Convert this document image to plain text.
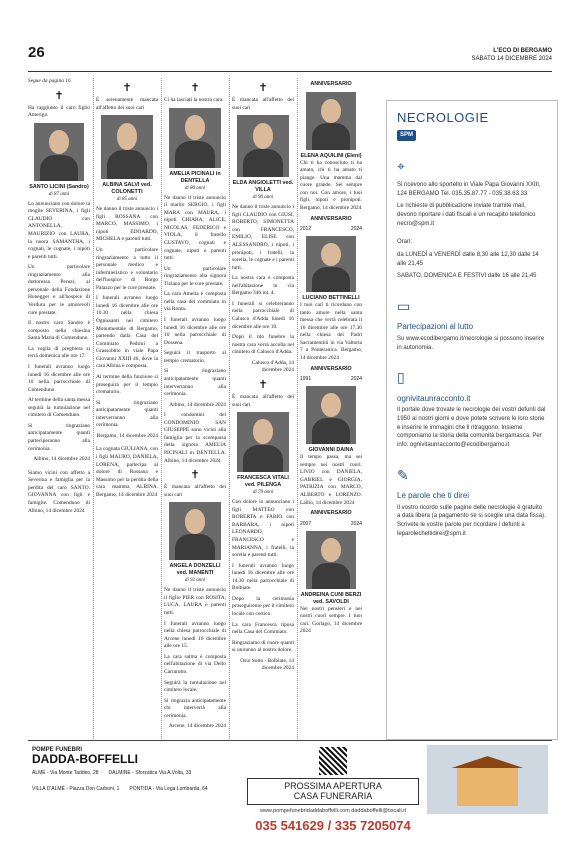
26	L'ECO DI BERGAMO
SABATO 14 DICEMBRE 2024

Segue da pagina 16

✝

Ha raggiunto il caro figlio Amerigo.

SANTO LICINI (Sandro)
di 87 anni

Lo annunciano con dolore la moglie SEVERINA, i figli CLAUDIO con ANTONELLA, MAURIZIO con LAURA, la nuora SAMANTHA, i cognati, le cognate, i nipoti e parenti tutti.

Un particolare ringraziamento alla dottoressa Peruzi, al personale della Fondazione Honegger e all'hospice di Verdura per le amorevoli cure prestate.

Il nostro caro Sandro è composto nella chiesina Santa Maria di Comenduno.

La veglia di preghiera si terrà domenica alle ore 17.

I funerali avranno luogo lunedì 16 dicembre alle ore 10 nella parrocchiale di Comenduno.

Al termine della santa messa seguirà la tumulazione nel cimitero di Comenduno.

Si ringraziano anticipatamente quanti parteciperanno alla cerimonia.

Albino, 14 dicembre 2024

Siamo vicini con affetto a Severina e famiglia per la perdita del caro SANTO. GIOVANNA con figli e famiglie. Comenduno di Albino, 14 dicembre 2024

✝

È serenamente mancata all'affetto dei suoi cari

ALBINA SALVI ved. COLONETTI
di 85 anni

Ne danno il triste annuncio i figli ROSSANA con MARCO, MASSIMO, i nipoti EDOARDO, MICHELA e parenti tutti.

Un particolare ringraziamento a tutto il personale medico e infermieristico e volontario dell'hospice di Borgo Palazzo per le cure prestate.

I funerali avranno luogo lunedì 16 dicembre alle ore 10.30 nella chiesa Ognissanti nel cimitero Monumentale di Bergamo, partendo dalla Casa del Commiato Pedrini a Grassobbio in viale Papa Giovanni XXIII 46, dove la cara Albina è composta.

Al termine della funzione si proseguirà per il tempio crematorio.

Si ringraziano anticipatamente quanti interverranno alla cerimonia.

Bergamo, 14 dicembre 2024

La cognata GIULIANA, con i figli MAURO, DANIELA, LORENA, partecipa al dolore di Rossana e Massimo per la perdita della cara mamma ALBINA. Bergamo, 14 dicembre 2024

✝

Ci ha lasciati la nostra cara

AMELIA PICINALI in DENTELLA
di 80 anni

Ne danno il triste annuncio il marito SERGIO, i figli MARA con MAURA, i nipoti CHIARA, ALICE, NICOLAS, FEDERICO e VIOLA, il fratello GUSTAVO, cognati e cognate, nipoti e parenti tutti.

Un particolare ringraziamento alla signora Tiziana per le cure prestate.

La cara Amelia è composta nella casa del commiato in via Roma.

I funerali avranno luogo lunedì 16 dicembre alle ore 10 nella parrocchiale di Dossena.

Seguirà il trasporto al tempio crematorio.

Si ringraziano anticipatamente quanti interverranno alla cerimonia.

Albino, 14 dicembre 2024

I condomini del CONDOMINIO SAN GIUSEPPE sono vicini alla famiglia per la scomparsa della signora AMELIA PICINALI in DENTELLA. Albino, 14 dicembre 2024

✝

È mancata all'affetto dei suoi cari

ANGELA DONZELLI ved. MANENTI
di 92 anni

Ne danno il triste annuncio il figlio PIER con ROSITA, LUCA, LAURA e parenti tutti.

I funerali avranno luogo nella chiesa parrocchiale di Arcene lunedì 16 dicembre alle ore 15.

La cara salma è composta nell'abitazione di via Dello Carrarotto.

Seguirà la tumulazione nel cimitero locale.

Si ringrazia anticipatamente chi interverrà alla cerimonia.

Arcene, 14 dicembre 2024

✝

È mancata all'affetto dei suoi cari

ELDA ANGIOLETTI ved. VILLA
di 90 anni

Ne danno il triste annuncio i figli CLAUDIO con GIUSI, ROBERTO, SIMONETTA con FRANCESCO, EMILIO, ELISE con ALESSANDRO, i nipoti, i pronipoti, i fratelli, la sorella, le cognate e i parenti tutti.

La nostra cara è composta nell'abitazione in via Bergamo 346 int. 4.

I funerali si celebreranno nella parrocchiale di Calusco d'Adda lunedì 16 dicembre alle ore 10.

Dopo il rito funebre la nostra cara verrà accolta nel cimitero di Calusco d'Adda.

Calusco d'Adda, 14 dicembre 2024

✝

È mancata all'affetto dei suoi cari

FRANCESCA VITALI ved. PILENGA
di 79 anni

Con dolore lo annunciano i figli MATTEO con ROBERTA e FABIO con BARBARA, i nipoti LEONARDO, FRANCESCO e MARIANNA, i fratelli, la sorella e parenti tutti.

I funerali avranno luogo lunedì 16 dicembre alle ore 14.30 nella parrocchiale di Bolbiate.

Dopo la cerimonia proseguiremo per il cimitero locale con cortico.

La cara Francesca riposa nella Casa del Commiato.

Ringraziamo di cuore quanti si uniranno al nostro dolore.

Osio Sotto - Bolbiate, 14 dicembre 2024

ANNIVERSARIO
ELENA AQUILINI (Eleni)

Chi ti ha conosciuto ti ha amato, chi ti ha amato ti piange. Una mamma dal cuore grande. Sei sempre con noi. Con amore, i tuoi figli, nipoti e pronipoti. Bergamo, 14 dicembre 2024

ANNIVERSARIO
2012	2024
LUCIANO BETTINELLI

I tuoi cari ti ricordano con tanto amore nella santa messa che verrà celebrata il 16 dicembre alle ore 17.30 nella chiesa dei Padri Sacramentini in via Valtorta 7 a Ponteranica. Bergamo, 14 dicembre 2024

ANNIVERSARIO
1991	2024
GIOVANNI DAINA

Il tempo passa, ma sei sempre nei nostri cuori. LIVIO con DANIELA, GABRIEL e GIORGIA, PATRIZIA con MARCO, ALBERTO e LORENZO. Lallio, 14 dicembre 2024

ANNIVERSARIO
2007	2024
ANDREINA CUNI BERZI ved. SAVOLDI

Nei nostri pensieri e nei nostri cuori sempre. I tuoi cari. Gorlago, 14 dicembre 2024

NECROLOGIE
SPM
⌖

Si ricevono allo sportello in Viale Papa Giovanni XXIII, 124 BERGAMO Tel. 035.35.87.77 - 035.38.63.33

Le richieste di pubblicazione inviate tramite mail, devono riportare i dati fiscali e un recapito telefonico necro@spm.it

Orari:

da LUNEDÌ a VENERDÌ dalle 8,30 alle 12,30 dalle 14 alle 21,45

SABATO, DOMENICA E FESTIVI dalle 16 alle 21,45

▭
Partecipazioni al lutto

Su www.ecodibergamo.it/necrologie si possono inserire in autonomia.

▯
ognivitaunracconto.it

Il portale dove trovate le necrologie dei vostri defunti dal 1950 ai nostri giorni e dove potete scrivere le loro storie e inserire le immagini che li ritraggono. Insieme componiamo la storia della comunità bergamasca. Per info: ognivitaunracconto@ecodibergamo.it

✎
Le parole che ti direi

Il vostro ricordo sulle pagine delle necrologie è gratuito a data libera (a pagamento se si sceglie una data fissa). Scrivete le vostre parole per ricordare i defunti a leparolecheltidirei@spm.it

POMPE FUNEBRI
DADDA-BOFFELLI
ALMÈ - Via Monte Taddeo, 28 DALMINE - Sforzatica Via A.Volta, 33
VILLA D'ALMÈ - Piazza Don Carboni, 1 PONTIDA - Via Lega Lombarda, 64	PROSSIMA APERTURA
CASA FUNERARIA
www.pompefunebridaddaboffelli.com daddaboffelli@tiscali.it
035 541629 / 335 7205074
